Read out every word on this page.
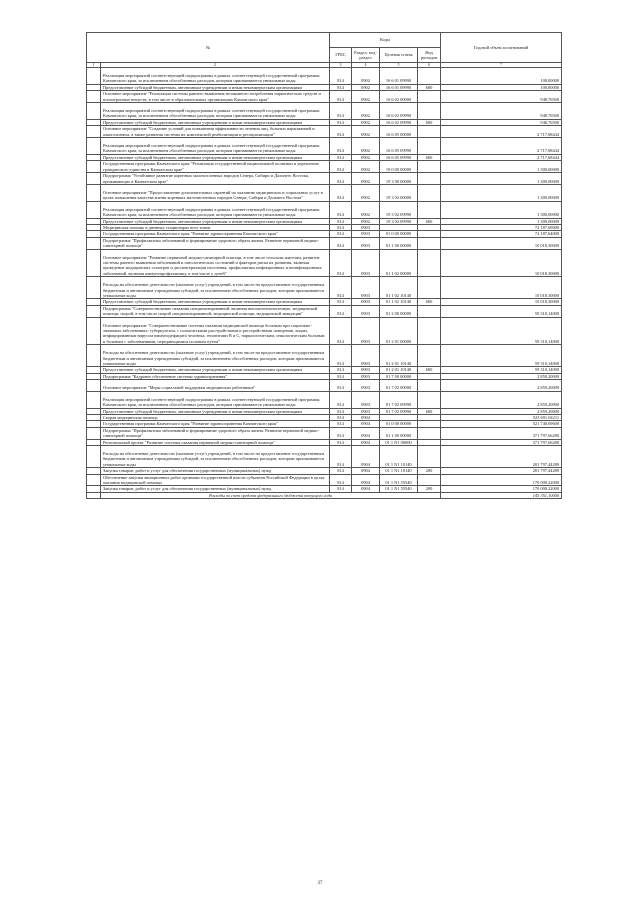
№		Коды				Годовой объем ассигнований
		ГРБС	Раздел, под-раздел	Целевая статья	Вид расходов	
1	2	3	4	5	6	7
	Реализация мероприятий соответствующей подпрограммы в рамках соответствующей государственной программы Камчатского края, за исключением обособленных расходов, которым присваиваются уникальные коды	814	0902	16 6 01 09990		100,00000
	Предоставление субсидий бюджетным, автономным учреждениям и иным некоммерческим организациям	814	0902	16 6 01 09990	600	100,00000
	Основное мероприятие "Реализация системы раннего выявления незаконного потребления наркотических средств и психотропных веществ, в том числе в образовательных организациях Камчатского края"	814	0902	16 6 02 00000		948,76500
	Реализация мероприятий соответствующей подпрограммы в рамках соответствующей государственной программы Камчатского края, за исключением обособленных расходов, которым присваиваются уникальные коды	814	0902	16 6 02 09990		948,76500
	Предоставление субсидий бюджетным, автономным учреждениям и иным некоммерческим организациям	814	0902	16 6 02 09990	600	948,76500
	Основное мероприятие "Создание условий для повышения эффективности лечения лиц, больных наркоманией и алкоголизмом, а также развития системы их комплексной реабилитации и ресоциализации"	814	0902	16 6 05 00000		2 717,68444
	Реализация мероприятий соответствующей подпрограммы в рамках соответствующей государственной программы Камчатского края, за исключением обособленных расходов, которым присваиваются уникальные коды	814	0902	16 6 05 09990		2 717,68444
	Предоставление субсидий бюджетным, автономным учреждениям и иным некоммерческим организациям	814	0902	16 6 05 09990	600	2 717,68444
	Государственная программа Камчатского края "Реализация государственной национальной политики и укрепление гражданского единства в Камчатском крае"	814	0902	19 0 00 00000		1 300,00000
	Подпрограмма "Устойчивое развитие коренных малочисленных народов Севера, Сибири и Дальнего Востока, проживающих в Камчатском крае"	814	0902	19 3 00 00000		1 300,00000
	Основное мероприятие "Предоставление дополнительных гарантий по оказанию медицинских и социальных услуг в целях повышения качества жизни коренных малочисленных народов Севера, Сибири и Дальнего Востока"	814	0902	19 3 02 00000		1 300,00000
	Реализация мероприятий соответствующей подпрограммы в рамках соответствующей государственной программы Камчатского края, за исключением обособленных расходов, которым присваиваются уникальные коды	814	0902	19 3 02 09990		1 300,00000
	Предоставление субсидий бюджетным, автономным учреждениям и иным некоммерческим организациям	814	0902	19 3 02 09990	600	1 300,00000
	Медицинская помощь в дневных стационарах всех типов	814	0903			72 187,69000
	Государственная программа Камчатского края "Развитие здравоохранения Камчатского края"	814	0903	01 0 00 00000		72 187,64000
	Подпрограмма "Профилактика заболеваний и формирование здорового образа жизни. Развитие первичной медико-санитарной помощи"	814	0903	01 1 00 00000		10 018,30000
	Основное мероприятие "Развитие первичной медико-санитарной помощи, в том числе сельским жителям, развитие системы раннего выявления заболеваний и патологических состояний и факторов риска их развития, включая проведение медицинских осмотров и диспансеризации населения, профилактика инфекционных и неинфекционных заболеваний, включая иммунопрофилактику, в том числе у детей"	814	0903	01 1 02 00000		10 018,30000
	Расходы на обеспечение деятельности (оказание услуг) учреждений, в том числе на предоставление государственным бюджетным и автономным учреждениям субсидий, за исключением обособленных расходов, которым присваиваются уникальные коды	814	0903	01 1 02 10140		10 018,30000
	Предоставление субсидий бюджетным, автономным учреждениям и иным некоммерческим организациям	814	0903	01 1 02 10140	600	10 018,30000
	Подпрограмма "Совершенствование оказания специализированной, включая высокотехнологичную, медицинской помощи, скорой, в том числе скорой специализированной, медицинской помощи, медицинской эвакуации"	814	0903	01 2 00 00000		59 310,14000
	Основное мероприятие "Совершенствование системы оказания медицинской помощи больным при социально-значимых заболеваниях: туберкулезом, с психическими расстройствами и расстройствами поведения, лицам, инфицированным вирусом иммунодефицита человека, гепатитами В и С, наркологическим, онкологическим больным и больным с заболеваниями, передающимися половым путем"	814	0903	01 2 01 00000		59 310,14000
	Расходы на обеспечение деятельности (оказание услуг) учреждений, в том числе на предоставление государственным бюджетным и автономным учреждениям субсидий, за исключением обособленных расходов, которым присваиваются уникальные коды	814	0903	01 2 01 10140		59 310,14000
	Предоставление субсидий бюджетным, автономным учреждениям и иным некоммерческим организациям	814	0903	01 2 01 10140	600	59 310,14000
	Подпрограмма "Кадровое обеспечение системы здравоохранения"	814	0903	01 7 00 00000		2 859,20000
	Основное мероприятие "Меры социальной поддержки медицинских работников"	814	0903	01 7 02 00000		2 859,20000
	Реализация мероприятий соответствующей подпрограммы в рамках соответствующей государственной программы Камчатского края, за исключением обособленных расходов, которым присваиваются уникальные коды	814	0903	01 7 02 09990		2 859,20000
	Предоставление субсидий бюджетным, автономным учреждениям и иным некоммерческим организациям	814	0903	01 7 02 09990	600	2 859,20000
	Скорая медицинская помощь	814	0904			523 691,04211
	Государственная программа Камчатского края "Развитие здравоохранения Камчатского края"	814	0904	01 0 00 00000		521 740,69600
	Подпрограмма "Профилактика заболеваний и формирование здорового образа жизни. Развитие первичной медико-санитарной помощи"	814	0904	01 1 00 00000		371 797,66280
	Региональный проект "Развитие системы оказания первичной медико-санитарной помощи"	814	0904	01 1 N1 00000		371 797,66280
	Расходы на обеспечение деятельности (оказание услуг) учреждений, в том числе на предоставление государственным бюджетным и автономным учреждениям субсидий, за исключением обособленных расходов, которым присваиваются уникальные коды	814	0904	01 1 N1 10140		201 797,44289
	Закупка товаров, работ и услуг для обеспечения государственных (муниципальных) нужд	814	0904	01 1 N1 10140	200	201 797,44289
	Обеспечение закупки авиационных работ органами государственной власти субъектов Российской Федерации в целях оказания медицинской помощи	814	0904	01 1 N1 55540		170 000,22000
	Закупка товаров, работ и услуг для обеспечения государственных (муниципальных) нужд	814	0904	01 1 N1 55540	200	170 000,22000
	Расходы за счет средств федерального бюджета текущего года					145 351,10000
37
